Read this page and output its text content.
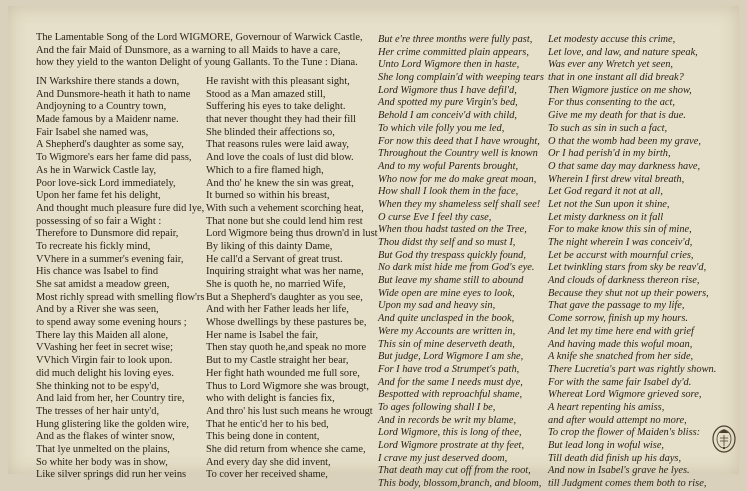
The Lamentable Song of the Lord WIGMORE, Governour of Warwick Castle,
And the fair Maid of Dunsmore, as a warning to all Maids to have a care,
how they yield to the wanton Delight of young Gallants. To the Tune : Diana.
IN Warkshire there stands a down,
And Dunsmore-heath it hath to name
Andjoyning to a Country town,
Made famous by a Maidenr name.
Fair Isabel she named was,
A Shepherd's daughter as some say,
To Wigmore's ears her fame did pass,
As he in Warwick Castle lay,
Poor love-sick Lord immediately,
Upon her fame fet his delight,
And thought much pleasure fure did lye,
possessing of so fair a Wight :
Therefore to Dunsmore did repair,
To recreate his fickly mind,
VVhere in a summer's evening fair,
His chance was Isabel to find
She sat amidst a meadow green,
Most richly spread with smelling flow'rs
And by a River she was seen,
to spend away some evening hours ;
There lay this Maiden all alone,
VVashing her feet in secret wise;
VVhich Virgin fair to look upon.
did much delight his loving eyes.
She thinking not to be espy'd,
And laid from her, her Country tire,
The tresses of her hair unty'd,
Hung glistering like the golden wire,
And as the flakes of winter snow,
That lye unmelted on the plains,
So white her body was in show,
Like silver springs did run her veins
He ravisht with this pleasant sight,
Stood as a Man amazed still,
Suffering his eyes to take delight.
that never thought they had their fill
She blinded their affections so,
That reasons rules were laid away,
And love the coals of lust did blow.
Which to a fire flamed high,
And tho' he knew the sin was great,
It burned so within his breast,
With such a vehement scorching heat,
That none but she could lend him rest
Lord Wigmore being thus drown'd in lust
By liking of this dainty Dame,
He call'd a Servant of great trust.
Inquiring straight what was her name,
She is quoth he, no married Wife,
But a Shepherd's daughter as you see,
And with her Father leads her life,
Whose dwellings by these pastures be,
Her name is Isabel the fair,
Then stay quoth he,and speak no more
But to my Castle straight her bear,
Her fight hath wounded me full sore,
Thus to Lord Wigmore she was brougt,
who with delight is fancies fix,
And thro' his lust such means he wrougt
That he entic'd her to his bed,
This being done in content,
She did return from whence she came,
And every day she did invent,
To cover her received shame,
But e're three months were fully past,
Her crime committed plain appears,
Unto Lord Wigmore then in haste,
She long complain'd with weeping tears
Lord Wigmore thus I have defil'd,
And spotted my pure Virgin's bed,
Behold I am conceiv'd with child,
To which vile folly you me led,
For now this deed that I have wrought,
Throughout the Country well is known
And to my woful Parents brought,
Who now for me do make great moan,
How shall I look them in the face,
When they my shameless self shall see!
O curse Eve I feel thy case,
When thou hadst tasted on the Tree,
Thou didst thy self and so must I,
But God thy trespass quickly found,
No dark mist hide me from God's eye.
But leave my shame still to abound
Wide open are mine eyes to look,
Upon my sad and heavy sin,
And quite unclasped in the book,
Were my Accounts are written in,
This sin of mine deserveth death,
But judge, Lord Wigmore I am she,
For I have trod a Strumpet's path,
And for the same I needs must dye,
Bespotted with reproachful shame,
To ages following shall I be,
And in records be writ my blame,
Lord Wigmore, this is long of thee,
Lord Wigmore prostrate at thy feet,
I crave my just deserved doom,
That death may cut off from the root,
This body, blossom,branch, and bloom,
Let modesty accuse this crime,
Let love, and law, and nature speak,
Was ever any Wretch yet seen,
that in one instant all did break?
Then Wigmore justice on me show,
For thus consenting to the act,
Give me my death for that is due.
To such as sin in such a fact,
O that the womb had been my grave,
Or I had perish'd in my birth,
O that same day may darkness have,
Wherein I first drew vital breath,
Let God regard it not at all,
Let not the Sun upon it shine,
Let misty darkness on it fall
For to make know this sin of mine,
The night wherein I was conceiv'd,
Let be accurst with mournful cries,
Let twinkling stars from sky be reav'd,
And clouds of darkness thereon rise,
Because they shut not up their powers,
That gave the passage to my life,
Come sorrow, finish up my hours.
And let my time here end with grief
And having made this woful moan,
A knife she snatched from her side,
There Lucretia's part was rightly shown.
For with the same fair Isabel dy'd.
Whereat Lord Wigmore grieved sore,
A heart repenting his amiss,
and after would attempt no more,
To crop the flower of Maiden's bliss:
But lead long in woful wise,
Till death did finish up his days,
And now in Isabel's grave he lyes.
till Judgment comes them both to rise,
